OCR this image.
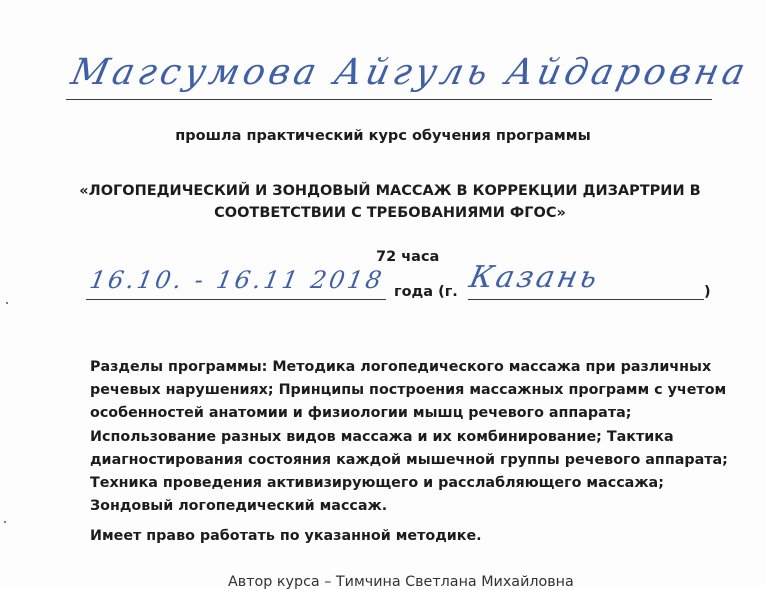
Магсумова Айгуль Айдаровна
прошла практический курс обучения программы
«ЛОГОПЕДИЧЕСКИЙ И ЗОНДОВЫЙ МАССАЖ В КОРРЕКЦИИ ДИЗАРТРИИ В СООТВЕТСТВИИ С ТРЕБОВАНИЯМИ ФГОС»
72 часа
16.10. - 16.11 2018 года (г. Казань	)
Разделы программы: Методика логопедического массажа при различных речевых нарушениях; Принципы построения массажных программ с учетом особенностей анатомии и физиологии мышц речевого аппарата; Использование разных видов массажа и их комбинирование; Тактика диагностирования состояния каждой мышечной группы речевого аппарата; Техника проведения активизирующего и расслабляющего массажа; Зондовый логопедический массаж.
Имеет право работать по указанной методике.
Автор курса – Тимчина Светлана Михайловна
